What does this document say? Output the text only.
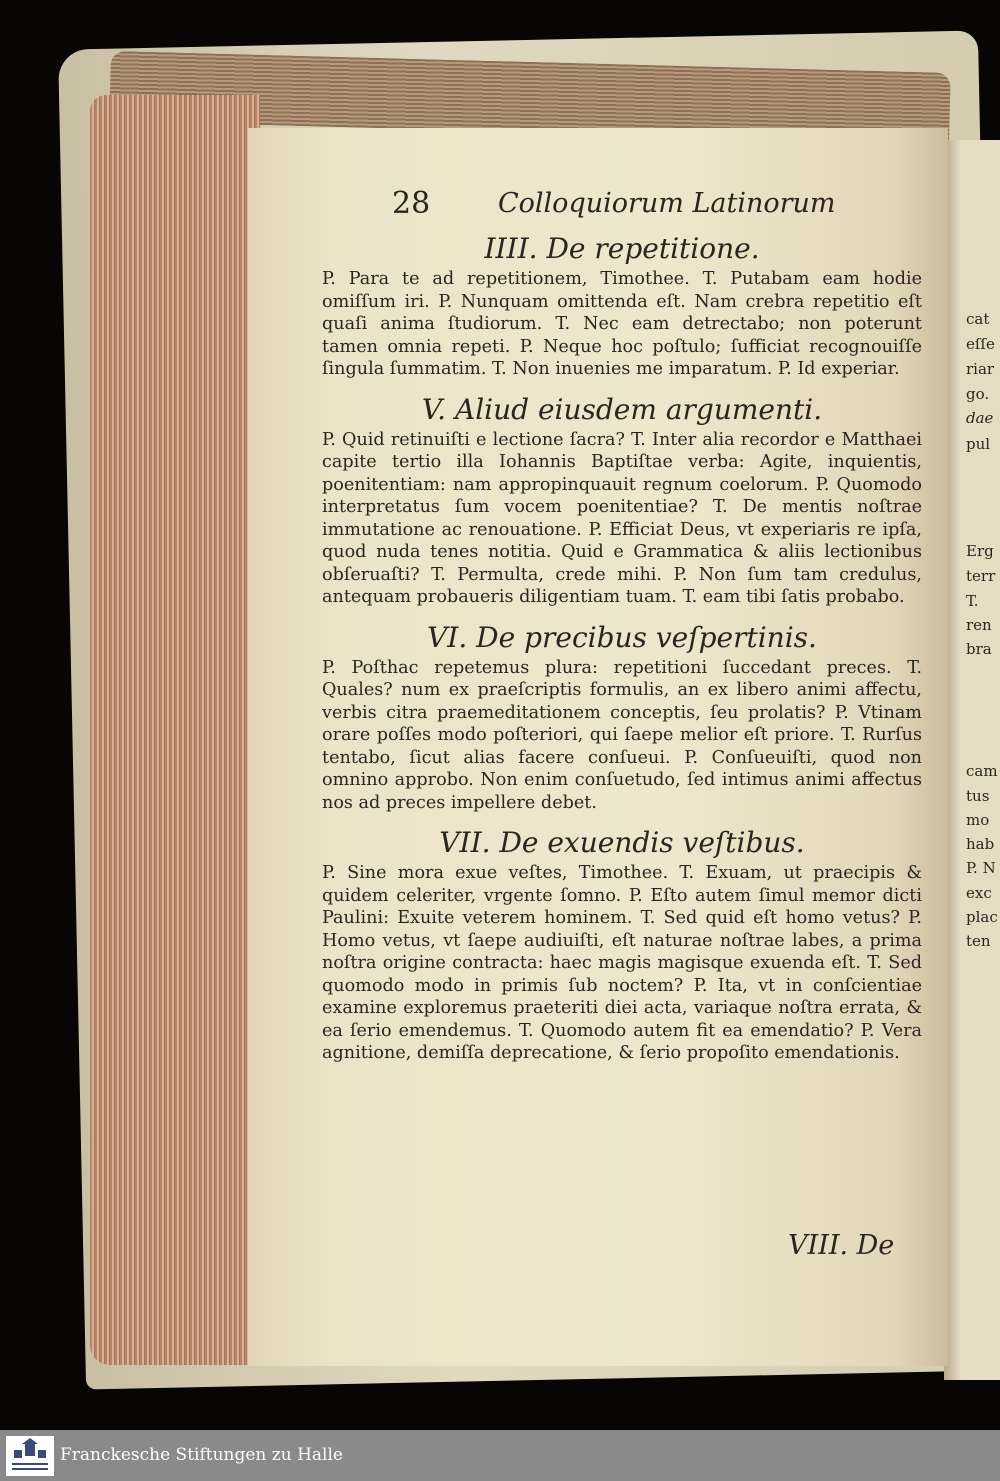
28	Colloquiorum Latinorum
IIII. De repetitione.

P. Para te ad repetitionem, Timothee. T. Putabam eam hodie omiſſum iri. P. Nunquam omittenda eſt. Nam crebra repetitio eſt quaſi anima ſtudiorum. T. Nec eam detrectabo; non poterunt tamen omnia repeti. P. Neque hoc poſtulo; ſufficiat recognouiſſe ſingula ſummatim. T. Non inuenies me imparatum. P. Id experiar.

V. Aliud eiusdem argumenti.

P. Quid retinuiſti e lectione ſacra? T. Inter alia recordor e Matthaei capite tertio illa Iohannis Baptiſtae verba: Agite, inquientis, poenitentiam: nam appropinquauit regnum coelorum. P. Quomodo interpretatus ſum vocem poenitentiae? T. De mentis noſtrae immutatione ac renouatione. P. Efficiat Deus, vt experiaris re ipſa, quod nuda tenes notitia. Quid e Grammatica & aliis lectionibus obſeruaſti? T. Permulta, crede mihi. P. Non ſum tam credulus, antequam probaueris diligentiam tuam. T. eam tibi ſatis probabo.

VI. De precibus veſpertinis.

P. Poſthac repetemus plura: repetitioni ſuccedant preces. T. Quales? num ex praeſcriptis formulis, an ex libero animi affectu, verbis citra praemeditationem conceptis, ſeu prolatis? P. Vtinam orare poſſes modo poſteriori, qui ſaepe melior eſt priore. T. Rurſus tentabo, ſicut alias facere conſueui. P. Conſueuiſti, quod non omnino approbo. Non enim conſuetudo, ſed intimus animi affectus nos ad preces impellere debet.

VII. De exuendis veſtibus.

P. Sine mora exue veſtes, Timothee. T. Exuam, ut praecipis & quidem celeriter, vrgente ſomno. P. Eſto autem ſimul memor dicti Paulini: Exuite veterem hominem. T. Sed quid eſt homo vetus? P. Homo vetus, vt ſaepe audiuiſti, eſt naturae noſtrae labes, a prima noſtra origine contracta: haec magis magisque exuenda eſt. T. Sed quomodo modo in primis ſub noctem? P. Ita, vt in conſcientiae examine exploremus praeteriti diei acta, variaque noſtra errata, & ea ſerio emendemus. T. Quomodo autem fit ea emendatio? P. Vera agnitione, demiſſa deprecatione, & ſerio propoſito emendationis.

VIII. De
cat
eſſe
riar
go.
dae
pul
Erg
terr
T.
ren
bra
cam
tus
mo
hab
P. N
exc
plac
ten
Franckesche Stiftungen zu Halle
